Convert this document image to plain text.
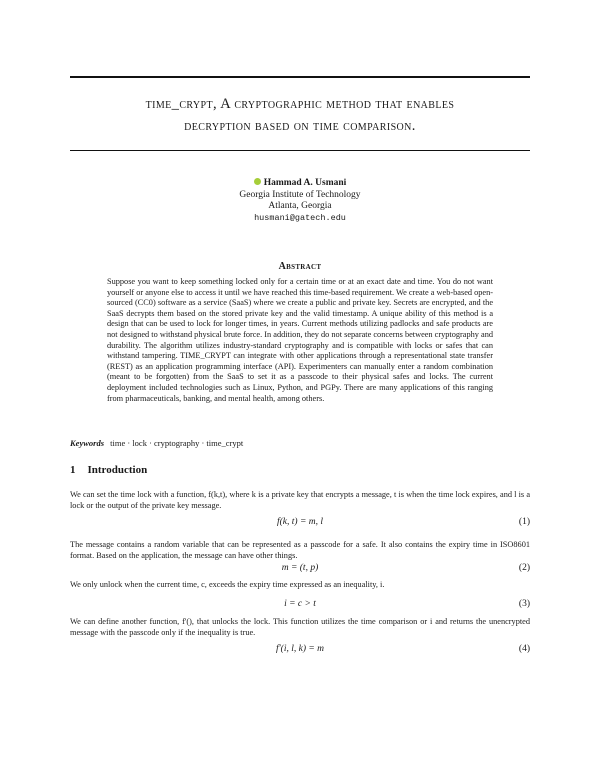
time_crypt, A cryptographic method that enables
decryption based on time comparison.
Hammad A. Usmani
Georgia Institute of Technology
Atlanta, Georgia
husmani@gatech.edu
Abstract
Suppose you want to keep something locked only for a certain time or at an exact date and time. You do not want yourself or anyone else to access it until we have reached this time-based requirement. We create a web-based open-sourced (CC0) software as a service (SaaS) where we create a public and private key. Secrets are encrypted, and the SaaS decrypts them based on the stored private key and the valid timestamp. A unique ability of this method is a design that can be used to lock for longer times, in years. Current methods utilizing padlocks and safe products are not designed to withstand physical brute force. In addition, they do not separate concerns between cryptography and durability. The algorithm utilizes industry-standard cryptography and is compatible with locks or safes that can withstand tampering. TIME_CRYPT can integrate with other applications through a representational state transfer (REST) as an application programming interface (API). Experimenters can manually enter a random combination (meant to be forgotten) from the SaaS to set it as a passcode to their physical safes and locks. The current deployment included technologies such as Linux, Python, and PGPy. There are many applications of this ranging from pharmaceuticals, banking, and mental health, among others.
Keywords time · lock · cryptography · time_crypt
1 Introduction
We can set the time lock with a function, f(k,t), where k is a private key that encrypts a message, t is when the time lock expires, and l is a lock or the output of the private key message.
f(k, t) = m, l	(1)
The message contains a random variable that can be represented as a passcode for a safe. It also contains the expiry time in ISO8601 format. Based on the application, the message can have other things.
m = (t, p)	(2)
We only unlock when the current time, c, exceeds the expiry time expressed as an inequality, i.
i = c > t	(3)
We can define another function, f'(), that unlocks the lock. This function utilizes the time comparison or i and returns the unencrypted message with the passcode only if the inequality is true.
f′(i, l, k) = m	(4)
